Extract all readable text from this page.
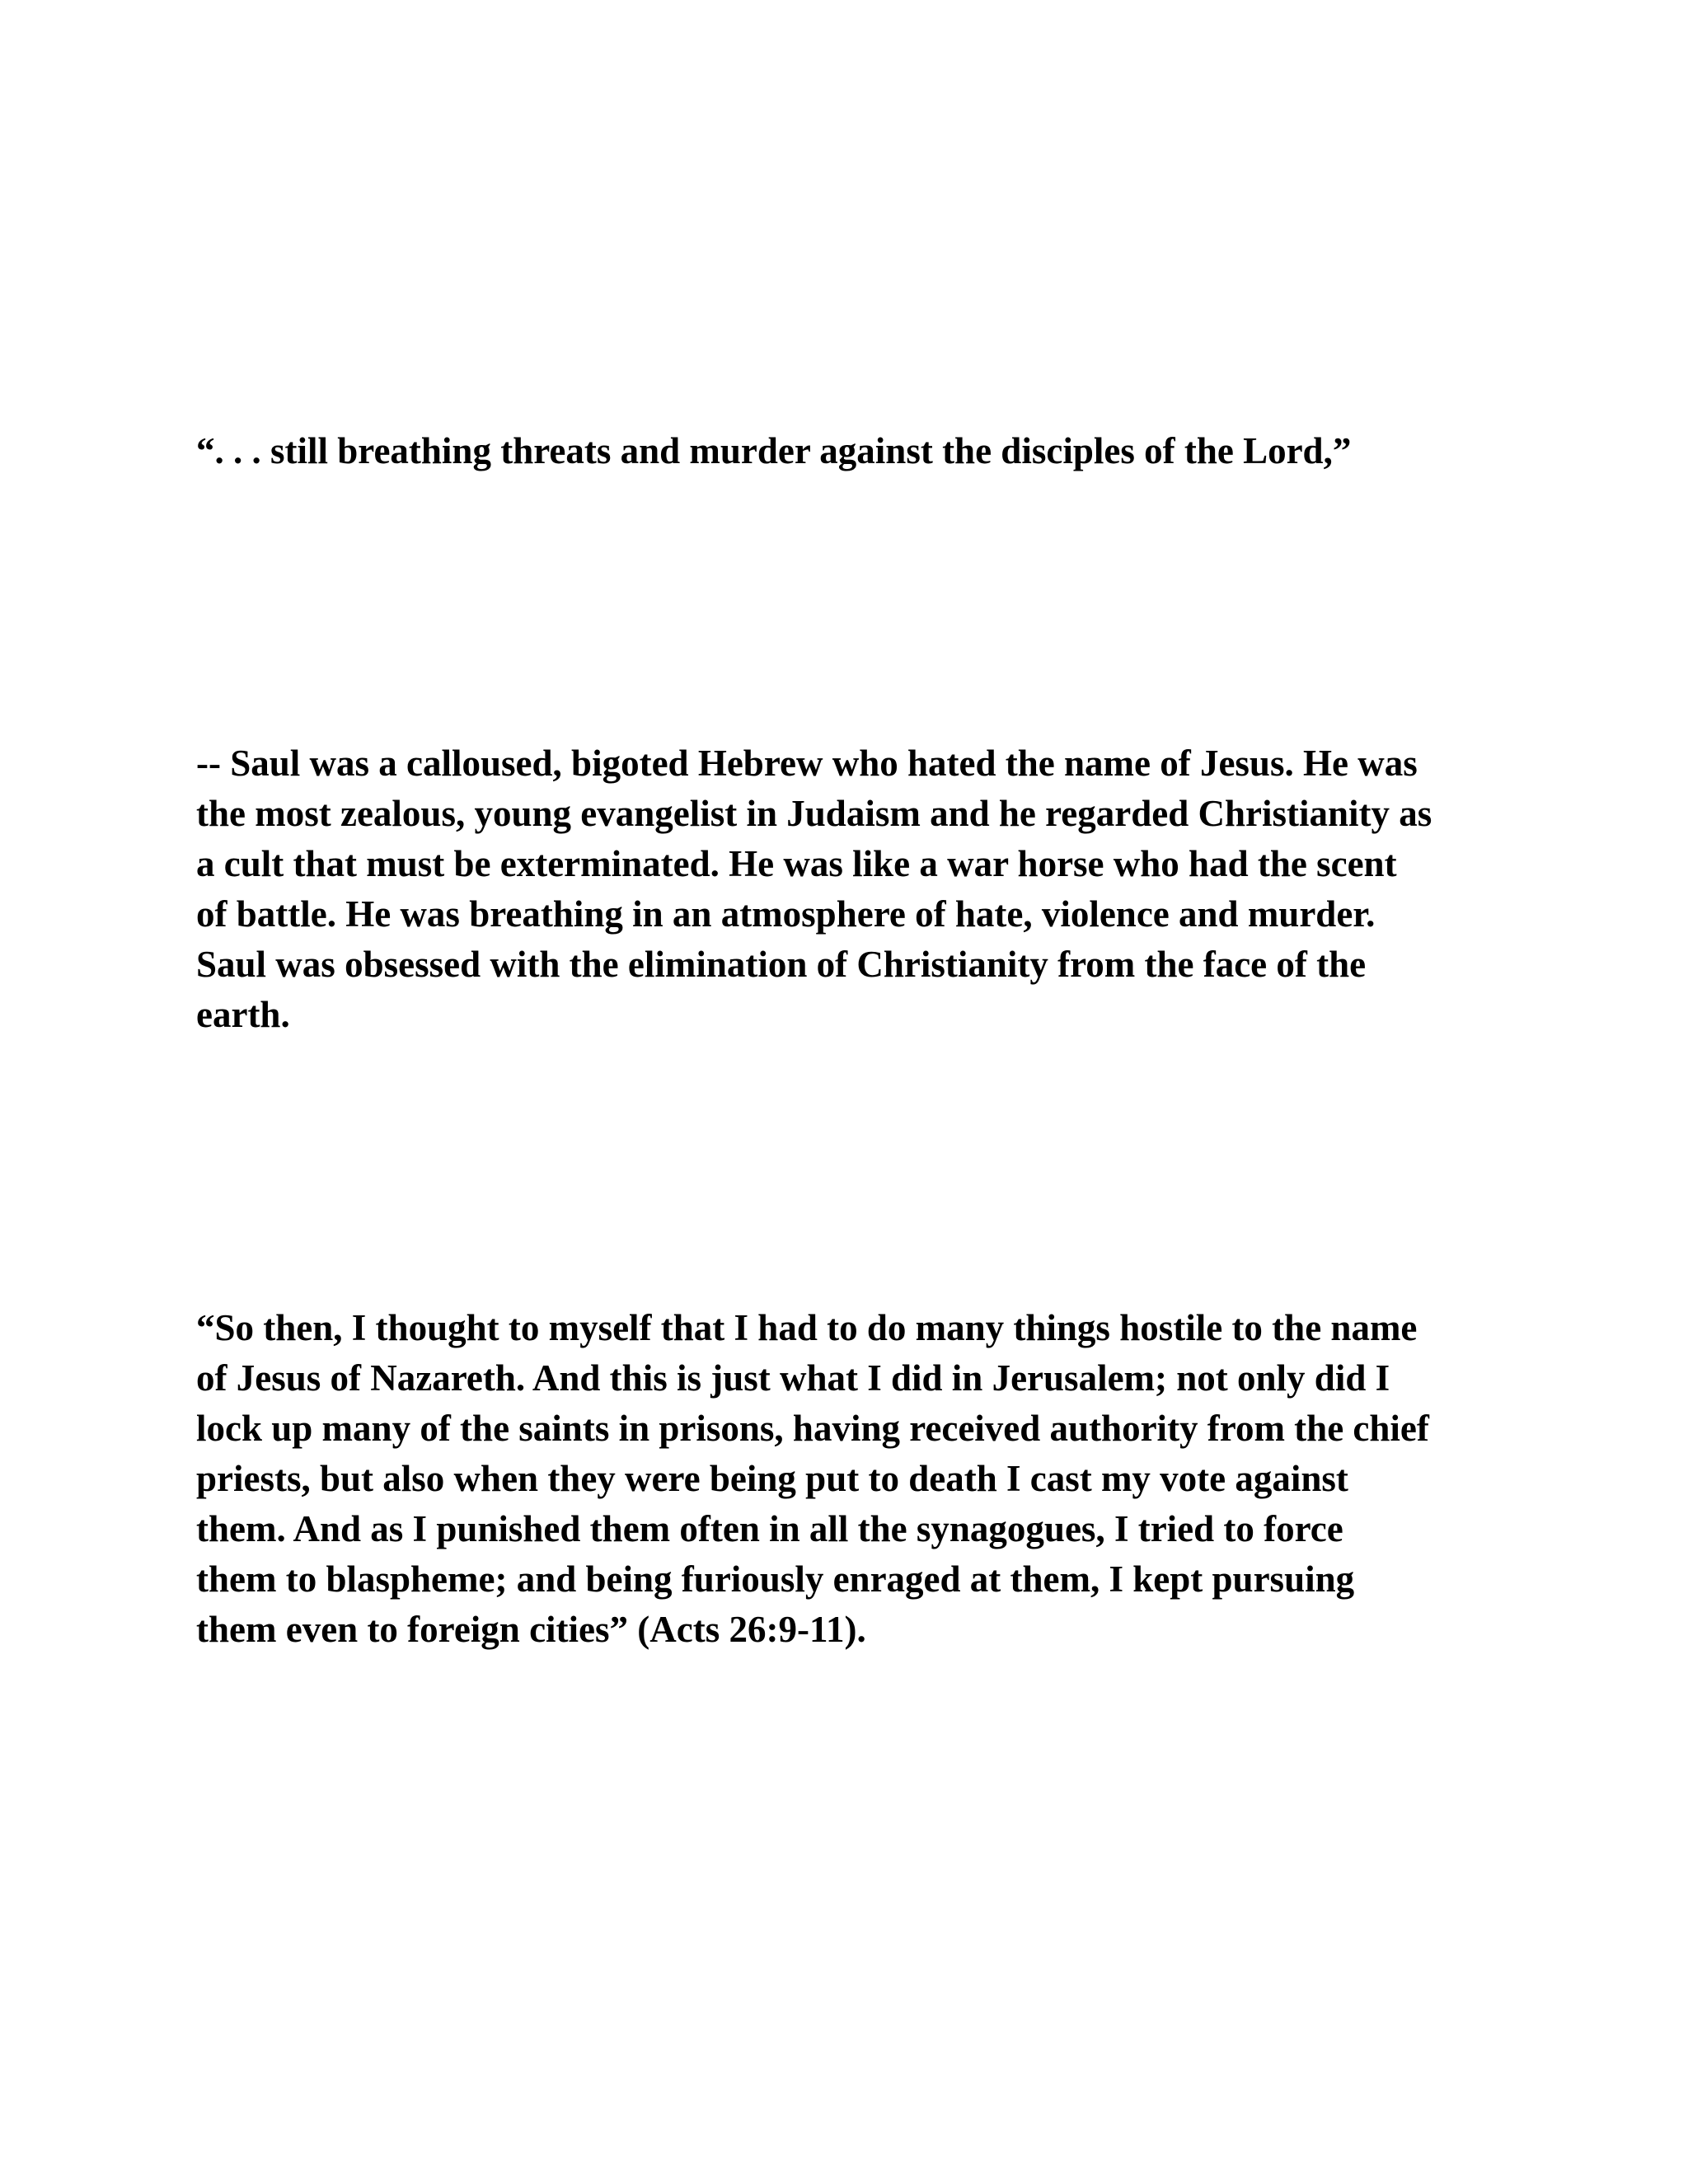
“. . . still breathing threats and murder against the disciples of the Lord,”

-- Saul was a calloused, bigoted Hebrew who hated the name of Jesus. He was
the most zealous, young evangelist in Judaism and he regarded Christianity as
a cult that must be exterminated. He was like a war horse who had the scent
of battle. He was breathing in an atmosphere of hate, violence and murder.
Saul was obsessed with the elimination of Christianity from the face of the
earth.

“So then, I thought to myself that I had to do many things hostile to the name
of Jesus of Nazareth. And this is just what I did in Jerusalem; not only did I
lock up many of the saints in prisons, having received authority from the chief
priests, but also when they were being put to death I cast my vote against
them. And as I punished them often in all the synagogues, I tried to force
them to blaspheme; and being furiously enraged at them, I kept pursuing
them even to foreign cities” (Acts 26:9-11).
